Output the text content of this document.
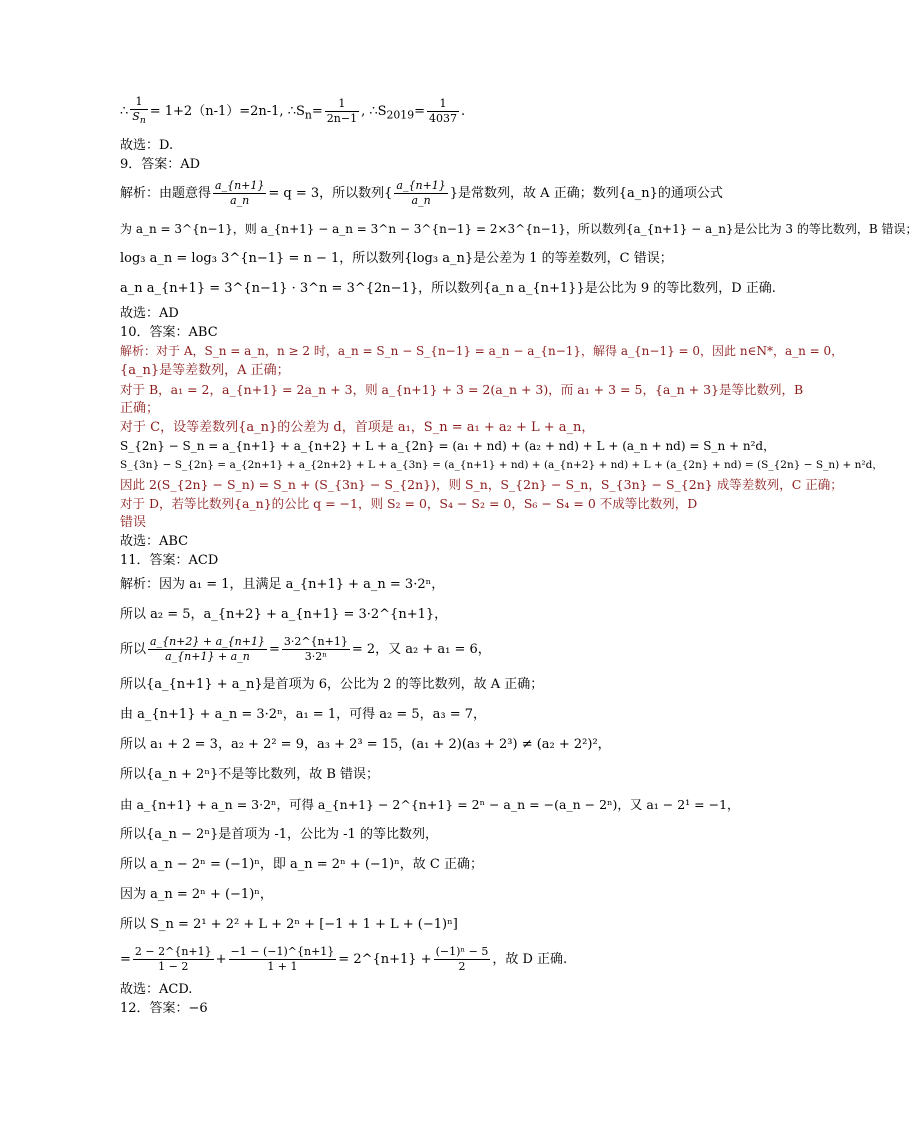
∴ $\frac{1}{S_n} = 1+2(n-1)=2n-1$, $\therefore S_n= \frac{1}{2n-1}$ , $\therefore S_{2019}= \frac{1}{4037}$ .
故选：D.
9．答案：AD
解析：由题意得 $\frac{a\_\{n+1\}}{a\_n} = q = 3$，所以数列{ $\frac{a\_\{n+1\}}{a\_n}$ }是常数列，故 A 正确；数列{a_n}的通项公式
为 a_n = 3^{n−1}，则 a_{n+1} − a_n = 3^n − 3^{n−1} = 2×3^{n−1}，所以数列{a_{n+1} − a_n}是公比为 3 的等比数列，B 错误；
log₃ a_n = log₃ 3^{n−1} = n − 1，所以数列{log₃ a_n}是公差为 1 的等差数列，C 错误；
a_n a_{n+1} = 3^{n−1} · 3^n = 3^{2n−1}，所以数列{a_n a_{n+1}}是公比为 9 的等比数列，D 正确.
故选：AD
10．答案：ABC
解析：对于 A，S_n = a_n，n ≥ 2 时，a_n = S_n − S_{n−1} = a_n − a_{n−1}，解得 a_{n−1} = 0，因此 n∈N*，a_n = 0，
{a_n}是等差数列，A 正确；
对于 B，a₁ = 2，a_{n+1} = 2a_n + 3，则 a_{n+1} + 3 = 2(a_n + 3)，而 a₁ + 3 = 5，{a_n + 3}是等比数列，B
正确；
对于 C，设等差数列{a_n}的公差为 d，首项是 a₁，S_n = a₁ + a₂ + L + a_n，
S_{2n} − S_n = a_{n+1} + a_{n+2} + L + a_{2n} = (a₁ + nd) + (a₂ + nd) + L + (a_n + nd) = S_n + n²d，
S_{3n} − S_{2n} = a_{2n+1} + a_{2n+2} + L + a_{3n} = (a_{n+1} + nd) + (a_{n+2} + nd) + L + (a_{2n} + nd) = (S_{2n} − S_n) + n²d，
因此 2(S_{2n} − S_n) = S_n + (S_{3n} − S_{2n})，则 S_n，S_{2n} − S_n，S_{3n} − S_{2n} 成等差数列，C 正确；
对于 D，若等比数列{a_n}的公比 q = −1，则 S₂ = 0，S₄ − S₂ = 0，S₆ − S₄ = 0 不成等比数列，D
错误
故选：ABC
11．答案：ACD
解析：因为 a₁ = 1，且满足 a_{n+1} + a_n = 3·2ⁿ，
所以 a₂ = 5，a_{n+2} + a_{n+1} = 3·2^{n+1}，
所以 $\frac{a\_\{n+2\} + a\_\{n+1\}}{a\_\{n+1\} + a\_n} = \frac{3\cdot 2\^{}\{n+1\}}{\text{3·2ⁿ}} = 2$，又 a₂ + a₁ = 6，
所以{a_{n+1} + a_n}是首项为 6，公比为 2 的等比数列，故 A 正确；
由 a_{n+1} + a_n = 3·2ⁿ，a₁ = 1，可得 a₂ = 5，a₃ = 7，
所以 a₁ + 2 = 3，a₂ + 2² = 9，a₃ + 2³ = 15，(a₁ + 2)(a₃ + 2³) ≠ (a₂ + 2²)²，
所以{a_n + 2ⁿ}不是等比数列，故 B 错误；
由 a_{n+1} + a_n = 3·2ⁿ，可得 a_{n+1} − 2^{n+1} = 2ⁿ − a_n = −(a_n − 2ⁿ)，又 a₁ − 2¹ = −1，
所以{a_n − 2ⁿ}是首项为 -1，公比为 -1 的等比数列，
所以 a_n − 2ⁿ = (−1)ⁿ，即 a_n = 2ⁿ + (−1)ⁿ，故 C 正确；
因为 a_n = 2ⁿ + (−1)ⁿ，
所以 S_n = 2¹ + 2² + L + 2ⁿ + [−1 + 1 + L + (−1)ⁿ]
= $\frac{2 - 2\^{}\{n+1\}}{1 - 2} + \frac{-1 - (-1)\^{}\{n+1\}}{1 + 1}$ = 2^{n+1} + $\frac{\text{(−1)ⁿ − 5}}{2}$ ，故 D 正确.
故选：ACD.
12．答案：−6
